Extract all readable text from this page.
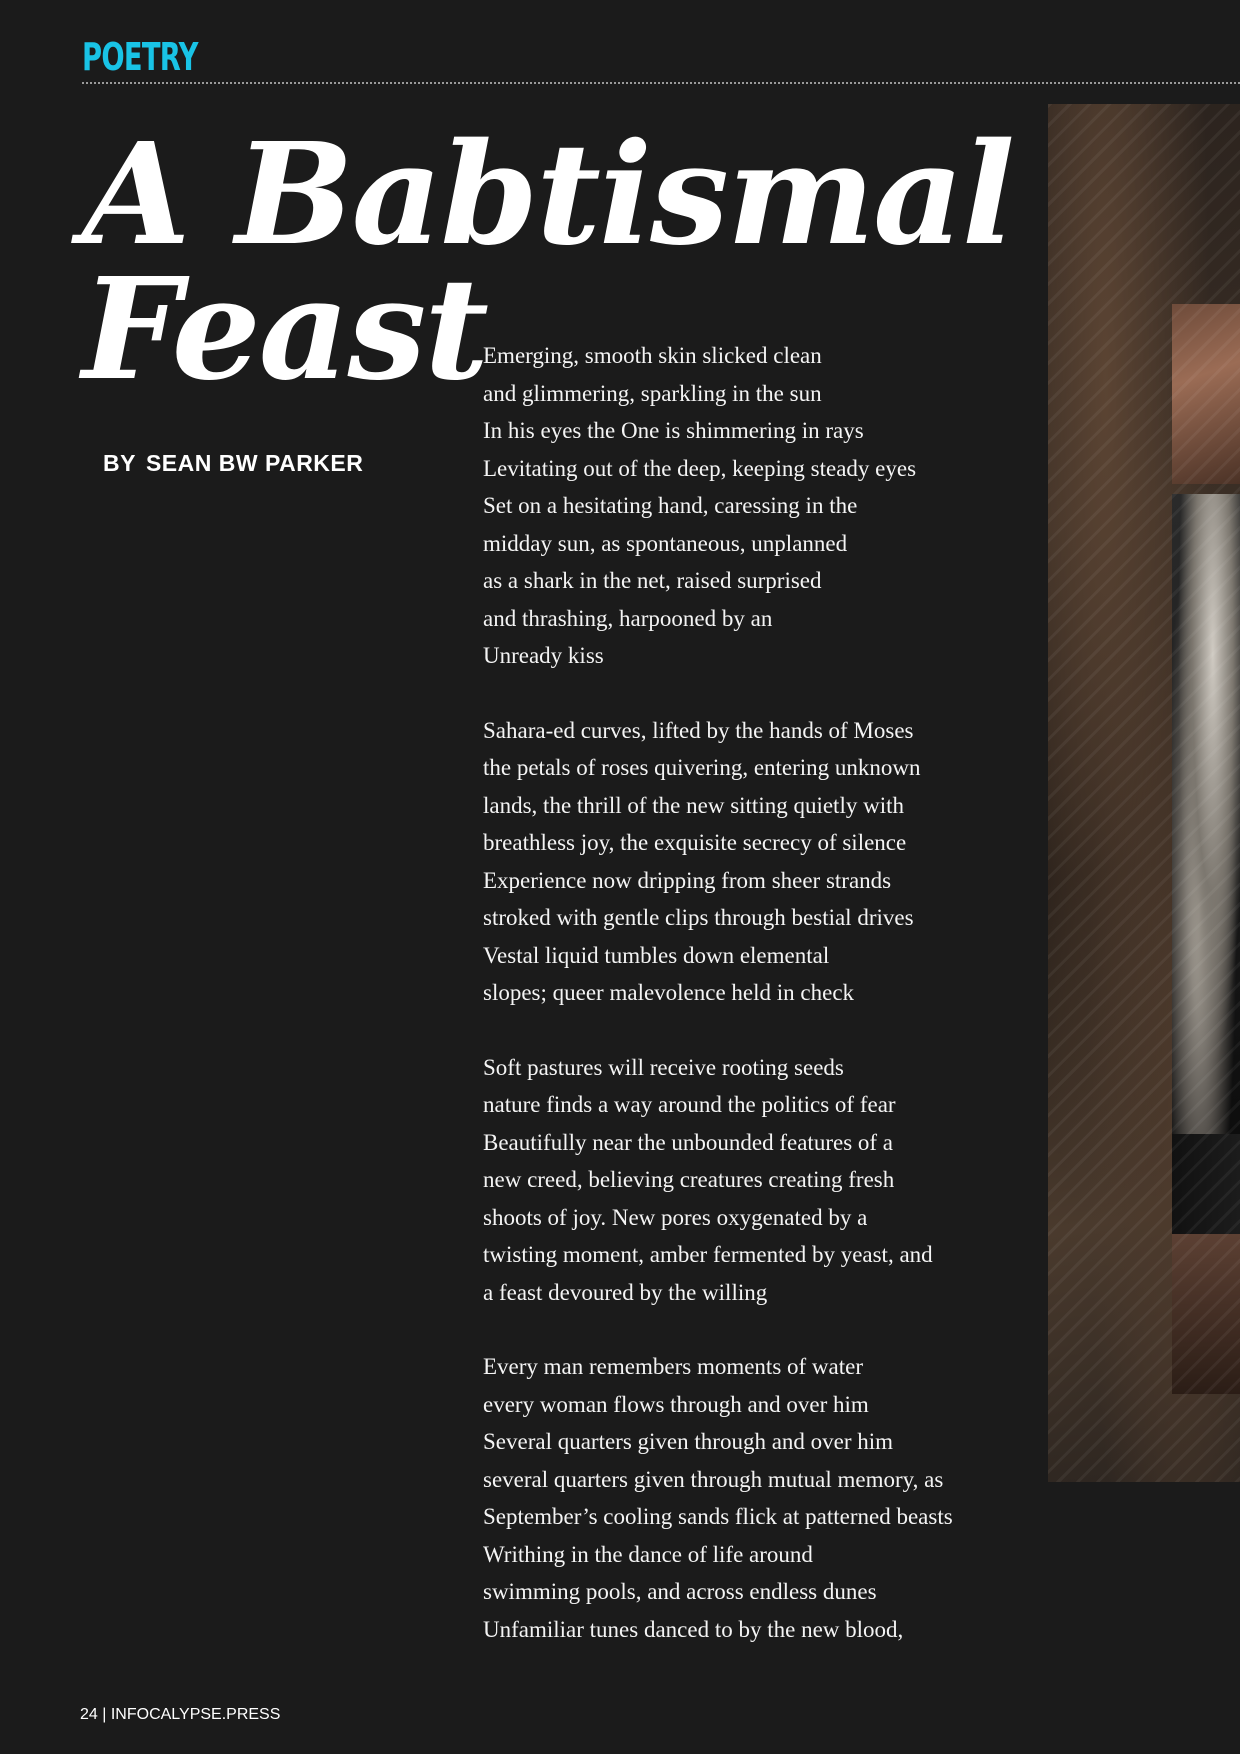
POETRY
A Babtismal
Feast
BY SEAN BW PARKER
Emerging, smooth skin slicked clean
and glimmering, sparkling in the sun
In his eyes the One is shimmering in rays
Levitating out of the deep, keeping steady eyes
Set on a hesitating hand, caressing in the
midday sun, as spontaneous, unplanned
as a shark in the net, raised surprised
and thrashing, harpooned by an
Unready kiss
Sahara-ed curves, lifted by the hands of Moses
the petals of roses quivering, entering unknown
lands, the thrill of the new sitting quietly with
breathless joy, the exquisite secrecy of silence
Experience now dripping from sheer strands
stroked with gentle clips through bestial drives
Vestal liquid tumbles down elemental
slopes; queer malevolence held in check
Soft pastures will receive rooting seeds
nature finds a way around the politics of fear
Beautifully near the unbounded features of a
new creed, believing creatures creating fresh
shoots of joy. New pores oxygenated by a
twisting moment, amber fermented by yeast, and
a feast devoured by the willing
Every man remembers moments of water
every woman flows through and over him
Several quarters given through and over him
several quarters given through mutual memory, as
September’s cooling sands flick at patterned beasts
Writhing in the dance of life around
swimming pools, and across endless dunes
Unfamiliar tunes danced to by the new blood,
24 | INFOCALYPSE.PRESS
